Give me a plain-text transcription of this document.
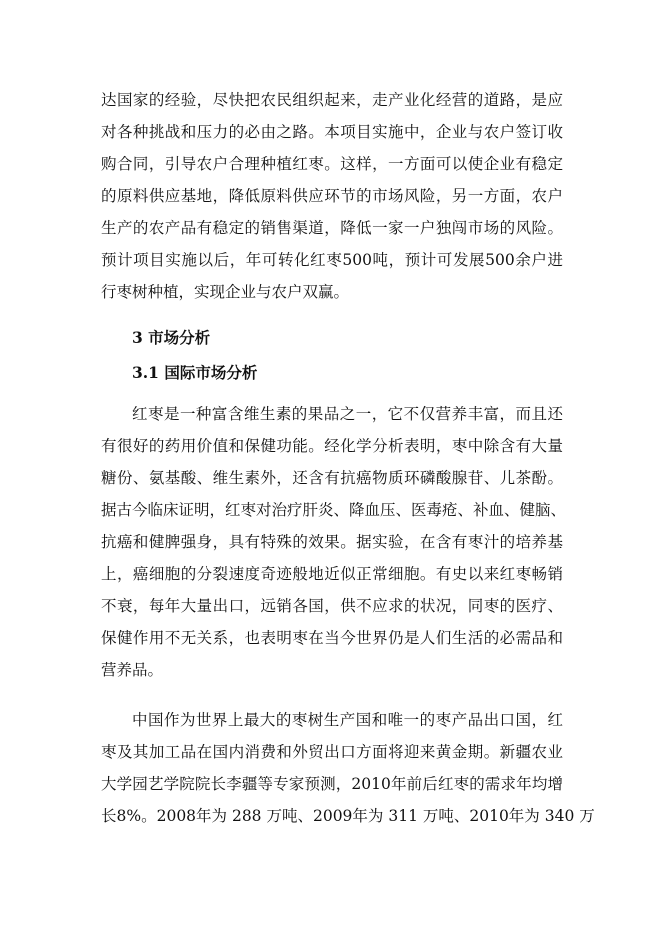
达国家的经验，尽快把农民组织起来，走产业化经营的道路，是应
对各种挑战和压力的必由之路。本项目实施中，企业与农户签订收
购合同，引导农户合理种植红枣。这样，一方面可以使企业有稳定
的原料供应基地，降低原料供应环节的市场风险，另一方面，农户
生产的农产品有稳定的销售渠道，降低一家一户独闯市场的风险。
预计项目实施以后，年可转化红枣500吨，预计可发展500余户进
行枣树种植，实现企业与农户双赢。
3 市场分析
3.1 国际市场分析
红枣是一种富含维生素的果品之一，它不仅营养丰富，而且还
有很好的药用价值和保健功能。经化学分析表明，枣中除含有大量
糖份、氨基酸、维生素外，还含有抗癌物质环磷酸腺苷、儿茶酚。
据古今临床证明，红枣对治疗肝炎、降血压、医毒疮、补血、健脑、
抗癌和健脾强身，具有特殊的效果。据实验，在含有枣汁的培养基
上，癌细胞的分裂速度奇迹般地近似正常细胞。有史以来红枣畅销
不衰，每年大量出口，远销各国，供不应求的状况，同枣的医疗、
保健作用不无关系，也表明枣在当今世界仍是人们生活的必需品和
营养品。
中国作为世界上最大的枣树生产国和唯一的枣产品出口国，红
枣及其加工品在国内消费和外贸出口方面将迎来黄金期。新疆农业
大学园艺学院院长李疆等专家预测，2010年前后红枣的需求年均增
长8%。2008年为 288 万吨、2009年为 311 万吨、2010年为 340 万
